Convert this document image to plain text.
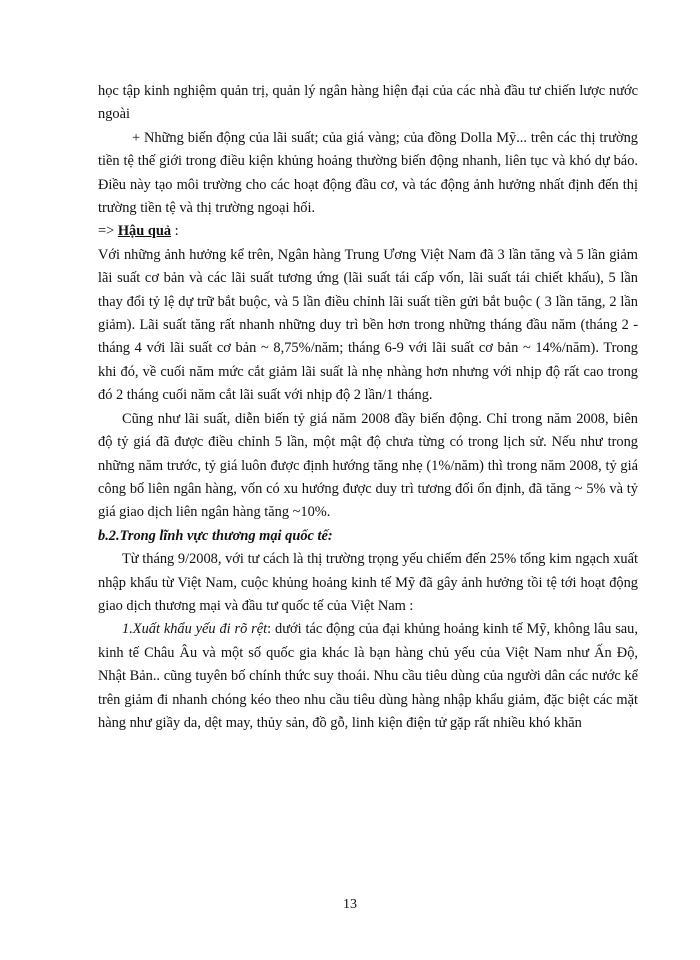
học tập kinh nghiệm quản trị, quản lý ngân hàng hiện đại của các nhà đầu tư chiến lược nước ngoài

+ Những biến động của lãi suất; của giá vàng; của đồng Dolla Mỹ... trên các thị trường tiền tệ thế giới trong điều kiện khủng hoảng thường biến động nhanh, liên tục và khó dự báo. Điều này tạo môi trường cho các hoạt động đầu cơ, và tác động ảnh hưởng nhất định đến thị trường tiền tệ và thị trường ngoại hối.

=> Hậu quả :

Với những ảnh hưởng kể trên, Ngân hàng Trung Ương Việt Nam đã 3 lần tăng và 5 lần giảm lãi suất cơ bản và các lãi suất tương ứng (lãi suất tái cấp vốn, lãi suất tái chiết khấu), 5 lần thay đổi tỷ lệ dự trữ bắt buộc, và 5 lần điều chỉnh lãi suất tiền gửi bắt buộc ( 3 lần tăng, 2 lần giảm). Lãi suất tăng rất nhanh những duy trì bền hơn trong những tháng đầu năm (tháng 2 - tháng 4 với lãi suất cơ bản ~ 8,75%/năm; tháng 6-9 với lãi suất cơ bản ~ 14%/năm). Trong khi đó, về cuối năm mức cắt giảm lãi suất là nhẹ nhàng hơn nhưng với nhịp độ rất cao trong đó 2 tháng cuối năm cắt lãi suất với nhịp độ 2 lần/1 tháng.

Cũng như lãi suất, diễn biến tỷ giá năm 2008 đầy biến động. Chỉ trong năm 2008, biên độ tỷ giá đã được điều chỉnh 5 lần, một mật độ chưa từng có trong lịch sử. Nếu như trong những năm trước, tỷ giá luôn được định hướng tăng nhẹ (1%/năm) thì trong năm 2008, tỷ giá công bố liên ngân hàng, vốn có xu hướng được duy trì tương đối ổn định, đã tăng ~ 5% và tỷ giá giao dịch liên ngân hàng tăng ~10%.

b.2.Trong lĩnh vực thương mại quốc tế:

Từ tháng 9/2008, với tư cách là thị trường trọng yếu chiếm đến 25% tổng kim ngạch xuất nhập khẩu từ Việt Nam, cuộc khủng hoảng kinh tế Mỹ đã gây ảnh hưởng tồi tệ tới hoạt động giao dịch thương mại và đầu tư quốc tế của Việt Nam :

1.Xuất khẩu yếu đi rõ rệt: dưới tác động của đại khủng hoảng kinh tế Mỹ, không lâu sau, kinh tế Châu Âu và một số quốc gia khác là bạn hàng chủ yếu của Việt Nam như Ấn Độ, Nhật Bản.. cũng tuyên bố chính thức suy thoái. Nhu cầu tiêu dùng của người dân các nước kể trên giảm đi nhanh chóng kéo theo nhu cầu tiêu dùng hàng nhập khẩu giảm, đặc biệt các mặt hàng như giầy da, dệt may, thủy sản, đồ gỗ, linh kiện điện tử gặp rất nhiều khó khăn

13
